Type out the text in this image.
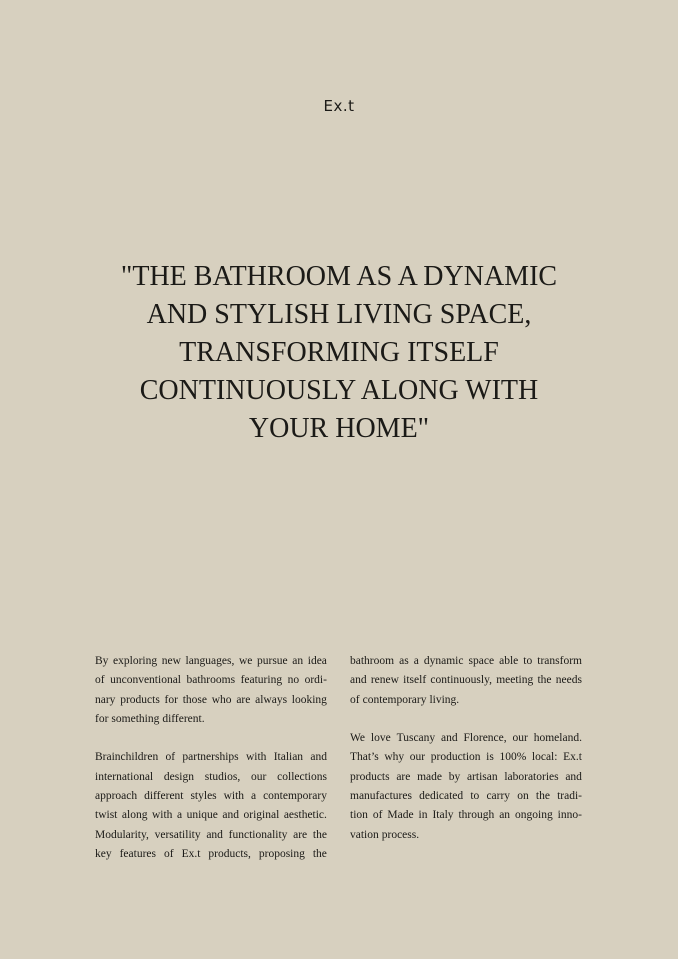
Ex.t
"THE BATHROOM AS A DYNAMIC
AND STYLISH LIVING SPACE,
TRANSFORMING ITSELF
CONTINUOUSLY ALONG WITH
YOUR HOME"
By exploring new languages, we pursue an idea
of unconventional bathrooms featuring no ordi-
nary products for those who are always looking
for something different.
Brainchildren of partnerships with Italian and
international design studios, our collections
approach different styles with a contemporary
twist along with a unique and original aesthetic.
Modularity, versatility and functionality are the
key features of Ex.t products, proposing the
bathroom as a dynamic space able to transform
and renew itself continuously, meeting the needs
of contemporary living.
We love Tuscany and Florence, our homeland.
That’s why our production is 100% local: Ex.t
products are made by artisan laboratories and
manufactures dedicated to carry on the tradi-
tion of Made in Italy through an ongoing inno-
vation process.
